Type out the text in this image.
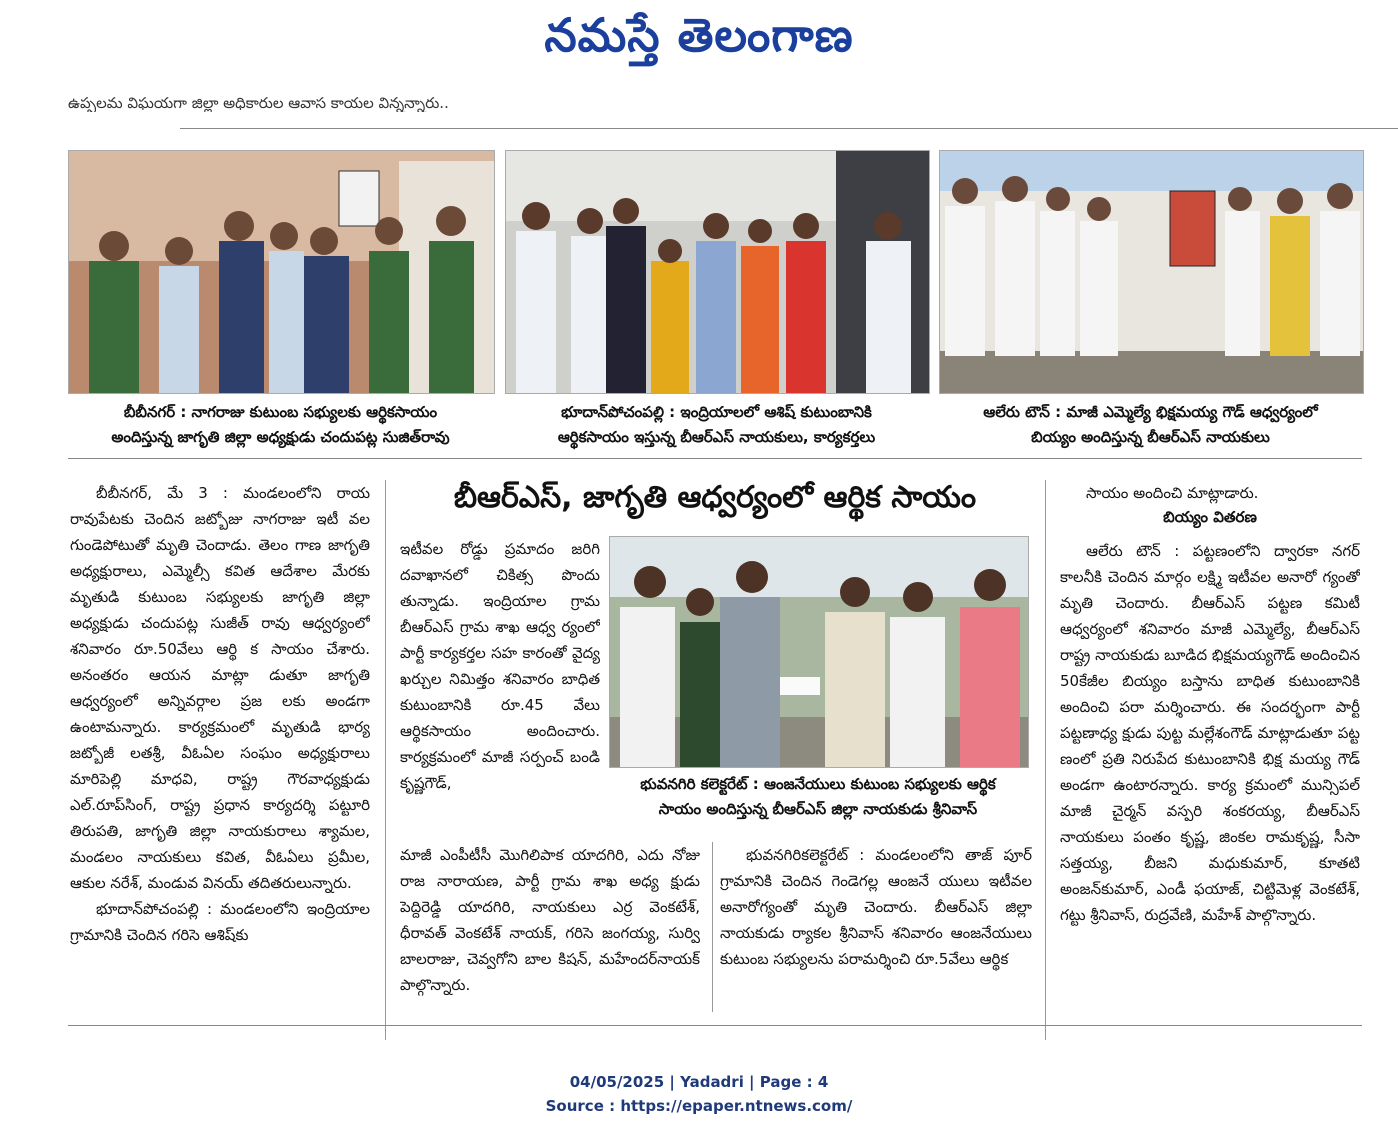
నమస్తే తెలంగాణ
ఉప్పలమ విఘయగా జిల్లా అధికారుల ఆవాస కాయల విన్నన్నారు..
బీబీనగర్ : నాగరాజు కుటుంబ సభ్యులకు ఆర్థికసాయం
అందిస్తున్న జాగృతి జిల్లా అధ్యక్షుడు చందుపట్ల సుజిత్‌రావు
భూదాన్‌పోచంపల్లి : ఇంద్రియాలలో ఆశిష్ కుటుంబానికి
ఆర్థికసాయం ఇస్తున్న బీఆర్‌ఎస్ నాయకులు, కార్యకర్తలు
ఆలేరు టౌన్ : మాజీ ఎమ్మెల్యే భిక్షమయ్య గౌడ్ ఆధ్వర్యంలో
బియ్యం అందిస్తున్న బీఆర్‌ఎస్ నాయకులు

బీబీనగర్, మే 3 : మండలంలోని రాయ రావుపేటకు చెందిన జట్బోజు నాగరాజు ఇటీ వల గుండెపోటుతో మృతి చెందాడు. తెలం గాణ జాగృతి అధ్యక్షురాలు, ఎమ్మెల్సీ కవిత ఆదేశాల మేరకు మృతుడి కుటుంబ సభ్యులకు జాగృతి జిల్లా అధ్యక్షుడు చందుపట్ల సుజీత్ రావు ఆధ్వర్యంలో శనివారం రూ.50వేలు ఆర్థి క సాయం చేశారు. అనంతరం ఆయన మాట్లా డుతూ జాగృతి ఆధ్వర్యంలో అన్నివర్గాల ప్రజ లకు అండగా ఉంటామన్నారు. కార్యక్రమంలో మృతుడి భార్య జట్బోజీ లతశ్రీ, వీఓఏల సంఘం అధ్యక్షురాలు మారిపెల్లి మాధవి, రాష్ట్ర గౌరవాధ్యక్షుడు ఎల్.రూప్‌సింగ్, రాష్ట్ర ప్రధాన కార్యదర్శి పట్టూరి తిరుపతి, జాగృతి జిల్లా నాయకురాలు శ్యామల, మండలం నాయకులు కవిత, వీఓఏలు ప్రమీల, ఆకుల నరేశ్, మండువ వినయ్ తదితరులున్నారు.

భూదాన్‌పోచంపల్లి : మండలంలోని ఇంద్రియాల గ్రామానికి చెందిన గరిసె ఆశిష్‌కు

బీఆర్‌ఎస్, జాగృతి ఆధ్వర్యంలో ఆర్థిక సాయం

ఇటీవల రోడ్డు ప్రమాదం జరిగి దవాఖానలో చికిత్స పొందు తున్నాడు. ఇంద్రియాల గ్రామ బీఆర్‌ఎస్ గ్రామ శాఖ ఆధ్వ ర్యంలో పార్టీ కార్యకర్తల సహ కారంతో వైద్య ఖర్చుల నిమిత్తం శనివారం బాధిత కుటుంబానికి రూ.45 వేలు ఆర్థికసాయం అందించారు. కార్యక్రమంలో మాజీ సర్పంచ్ బండి కృష్ణగౌడ్,	భువనగిరి కలెక్టరేట్ : ఆంజనేయులు కుటుంబ సభ్యులకు ఆర్థిక
సాయం అందిస్తున్న బీఆర్‌ఎస్ జిల్లా నాయకుడు శ్రీనివాస్

మాజీ ఎంపీటీసీ మొగిలిపాక యాదగిరి, ఎదు నోజు రాజ నారాయణ, పార్టీ గ్రామ శాఖ అధ్య క్షుడు పెద్దిరెడ్డి యాదగిరి, నాయకులు ఎర్ర వెంకటేశ్, ధీరావత్ వెంకటేశ్ నాయక్, గరిసె జంగయ్య, సుర్వి బాలరాజు, చెవ్వగోని బాల కిషన్, మహేందర్‌నాయక్ పాల్గొన్నారు.

భువనగిరికలెక్టరేట్ : మండలంలోని తాజ్ పూర్ గ్రామానికి చెందిన గెండెగల్ల ఆంజనే యులు ఇటీవల అనారోగ్యంతో మృతి చెందారు. బీఆర్‌ఎస్ జిల్లా నాయకుడు ర్యాకల శ్రీనివాస్ శనివారం ఆంజనేయులు కుటుంబ సభ్యులను పరామర్శించి రూ.5వేలు ఆర్థిక

సాయం అందించి మాట్లాడారు.

బియ్యం వితరణ

ఆలేరు టౌన్ : పట్టణంలోని ద్వారకా నగర్ కాలనీకి చెందిన మార్గం లక్ష్మి ఇటీవల అనారో గ్యంతో మృతి చెందారు. బీఆర్‌ఎస్ పట్టణ కమిటీ ఆధ్వర్యంలో శనివారం మాజీ ఎమ్మెల్యే, బీఆర్‌ఎస్ రాష్ట్ర నాయకుడు బూడిద భిక్షమయ్యగౌడ్ అందించిన 50కేజీల బియ్యం బస్తాను బాధిత కుటుంబానికి అందించి పరా మర్శించారు. ఈ సందర్భంగా పార్టీ పట్టణాధ్య క్షుడు పుట్ట మల్లేశంగౌడ్ మాట్లాడుతూ పట్ట ణంలో ప్రతి నిరుపేద కుటుంబానికి భిక్ష మయ్య గౌడ్ అండగా ఉంటారన్నారు. కార్య క్రమంలో మున్సిపల్ మాజీ చైర్మన్ వస్పరి శంకరయ్య, బీఆర్‌ఎస్ నాయకులు పంతం కృష్ణ, జింకల రామకృష్ణ, సీసా సత్తయ్య, బీజని మధుకుమార్, కూతటి అంజన్‌కుమార్, ఎండీ ఫయాజ్, చిట్టిమెళ్ల వెంకటేశ్, గట్టు శ్రీనివాస్, రుద్రవేణి, మహేశ్ పాల్గొన్నారు.

04/05/2025 | Yadadri | Page : 4
Source : https://epaper.ntnews.com/
